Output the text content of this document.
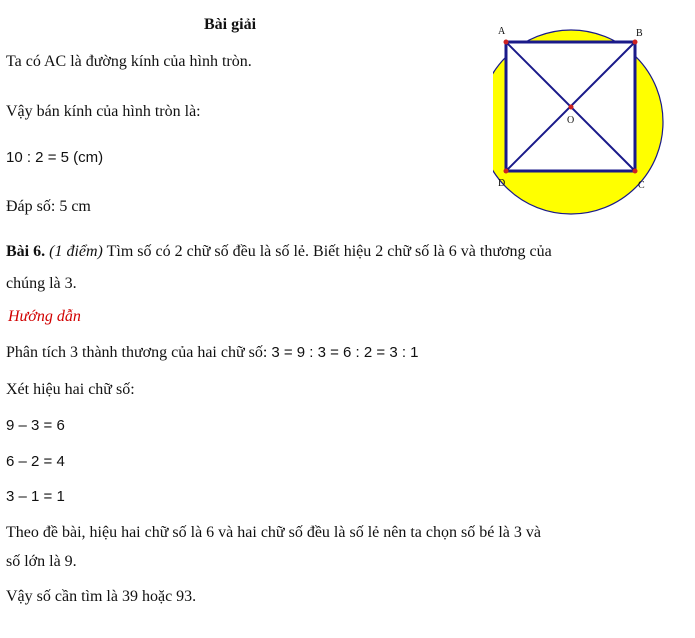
Bài giải
Ta có AC là đường kính của hình tròn.
Vậy bán kính của hình tròn là:
10 : 2 = 5 (cm)
Đáp số: 5 cm
A	B
C
D
O
Bài 6. (1 điểm) Tìm số có 2 chữ số đều là số lẻ. Biết hiệu 2 chữ số là 6 và thương của
chúng là 3.
Hướng dẫn
Phân tích 3 thành thương của hai chữ số: 3 = 9 : 3 = 6 : 2 = 3 : 1
Xét hiệu hai chữ số:
9 – 3 = 6
6 – 2 = 4
3 – 1 = 1
Theo đề bài, hiệu hai chữ số là 6 và hai chữ số đều là số lẻ nên ta chọn số bé là 3 và
số lớn là 9.
Vậy số cần tìm là 39 hoặc 93.
